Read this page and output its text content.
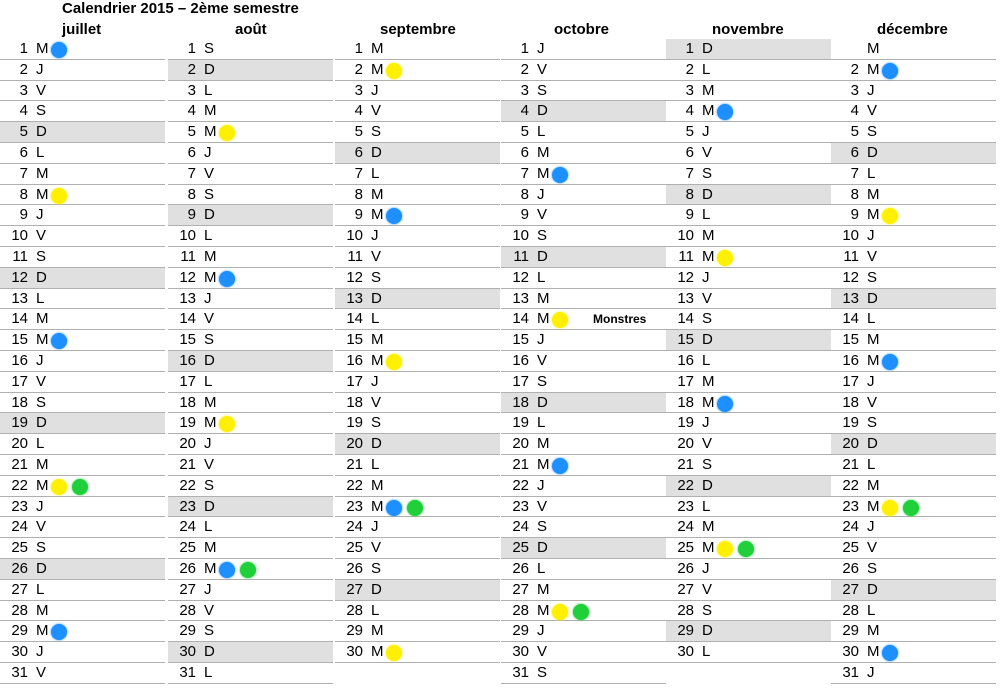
Calendrier 2015 – 2ème semestre
juillet
1 M
2 J
3 V
4 S
5 D
6 L
7 M
8 M
9 J
10 V
11 S
12 D
13 L
14 M
15 M
16 J
17 V
18 S
19 D
20 L
21 M
22 M
23 J
24 V
25 S
26 D
27 L
28 M
29 M
30 J
31 V
août
1 S
2 D
3 L
4 M
5 M
6 J
7 V
8 S
9 D
10 L
11 M
12 M
13 J
14 V
15 S
16 D
17 L
18 M
19 M
20 J
21 V
22 S
23 D
24 L
25 M
26 M
27 J
28 V
29 S
30 D
31 L
septembre
1 M
2 M
3 J
4 V
5 S
6 D
7 L
8 M
9 M
10 J
11 V
12 S
13 D
14 L
15 M
16 M
17 J
18 V
19 S
20 D
21 L
22 M
23 M
24 J
25 V
26 S
27 D
28 L
29 M
30 M
octobre
1 J
2 V
3 S
4 D
5 L
6 M
7 M
8 J
9 V
10 S
11 D
12 L
13 M
14 M	Monstres
15 J
16 V
17 S
18 D
19 L
20 M
21 M
22 J
23 V
24 S
25 D
26 L
27 M
28 M
29 J
30 V
31 S
novembre
1 D
2 L
3 M
4 M
5 J
6 V
7 S
8 D
9 L
10 M
11 M
12 J
13 V
14 S
15 D
16 L
17 M
18 M
19 J
20 V
21 S
22 D
23 L
24 M
25 M
26 J
27 V
28 S
29 D
30 L
décembre
M
2 M
3 J
4 V
5 S
6 D
7 L
8 M
9 M
10 J
11 V
12 S
13 D
14 L
15 M
16 M
17 J
18 V
19 S
20 D
21 L
22 M
23 M
24 J
25 V
26 S
27 D
28 L
29 M
30 M
31 J
